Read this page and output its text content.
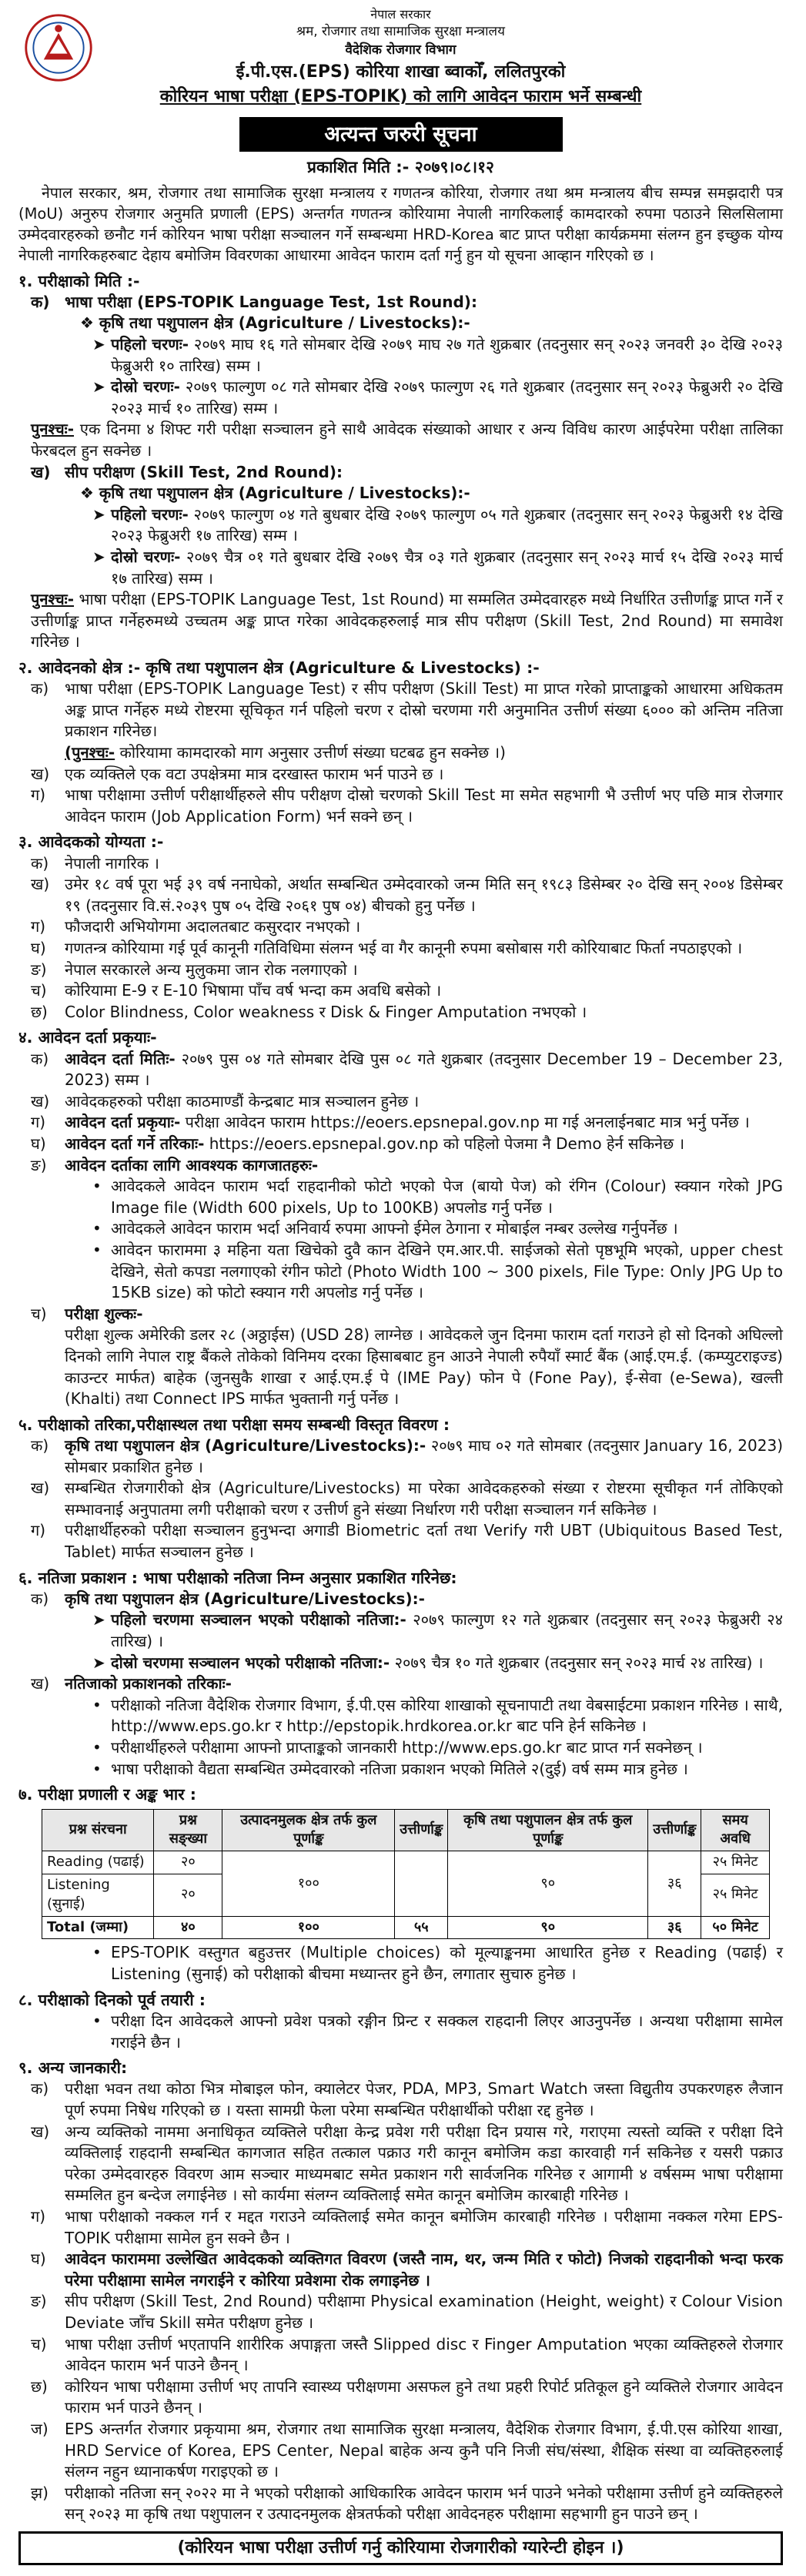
नेपाल सरकार
श्रम, रोजगार तथा सामाजिक सुरक्षा मन्त्रालय
वैदेशिक रोजगार विभाग
ई.पी.एस.(EPS) कोरिया शाखा ब्वाकोँ, ललितपुरको
कोरियन भाषा परीक्षा (EPS-TOPIK) को लागि आवेदन फाराम भर्ने सम्बन्धी
अत्यन्त जरुरी सूचना
प्रकाशित मिति :- २०७९।०८।१२

नेपाल सरकार, श्रम, रोजगार तथा सामाजिक सुरक्षा मन्त्रालय र गणतन्त्र कोरिया, रोजगार तथा श्रम मन्त्रालय बीच सम्पन्न समझदारी पत्र (MoU) अनुरुप रोजगार अनुमति प्रणाली (EPS) अन्तर्गत गणतन्त्र कोरियामा नेपाली नागरिकलाई कामदारको रुपमा पठाउने सिलसिलामा उम्मेदवारहरुको छनौट गर्न कोरियन भाषा परीक्षा सञ्चालन गर्ने सम्बन्धमा HRD-Korea बाट प्राप्त परीक्षा कार्यक्रममा संलग्न हुन इच्छुक योग्य नेपाली नागरिकहरुबाट देहाय बमोजिम विवरणका आधारमा आवेदन फाराम दर्ता गर्नु हुन यो सूचना आव्हान गरिएको छ ।

१. परीक्षाको मिति :-
क) भाषा परीक्षा (EPS-TOPIK Language Test, 1st Round):
❖ कृषि तथा पशुपालन क्षेत्र (Agriculture / Livestocks):-
➤ पहिलो चरणः- २०७९ माघ १६ गते सोमबार देखि २०७९ माघ २७ गते शुक्रबार (तदनुसार सन् २०२३ जनवरी ३० देखि २०२३ फेब्रुअरी १० तारिख) सम्म ।
➤ दोस्रो चरणः- २०७९ फाल्गुण ०८ गते सोमबार देखि २०७९ फाल्गुण २६ गते शुक्रबार (तदनुसार सन् २०२३ फेब्रुअरी २० देखि २०२३ मार्च १० तारिख) सम्म ।

पुनश्चः- एक दिनमा ४ शिफ्ट गरी परीक्षा सञ्चालन हुने साथै आवेदक संख्याको आधार र अन्य विविध कारण आईपरेमा परीक्षा तालिका फेरबदल हुन सक्नेछ ।

ख) सीप परीक्षण (Skill Test, 2nd Round):
❖ कृषि तथा पशुपालन क्षेत्र (Agriculture / Livestocks):-
➤ पहिलो चरणः- २०७९ फाल्गुण ०४ गते बुधबार देखि २०७९ फाल्गुण ०५ गते शुक्रबार (तदनुसार सन् २०२३ फेब्रुअरी १४ देखि २०२३ फेब्रुअरी १७ तारिख) सम्म ।
➤ दोस्रो चरणः- २०७९ चैत्र ०१ गते बुधबार देखि २०७९ चैत्र ०३ गते शुक्रबार (तदनुसार सन् २०२३ मार्च १५ देखि २०२३ मार्च १७ तारिख) सम्म ।

पुनश्चः- भाषा परीक्षा (EPS-TOPIK Language Test, 1st Round) मा सम्मलित उम्मेदवारहरु मध्ये निर्धारित उत्तीर्णाङ्क प्राप्त गर्ने र उत्तीर्णाङ्क प्राप्त गर्नेहरुमध्ये उच्चतम अङ्क प्राप्त गरेका आवेदकहरुलाई मात्र सीप परीक्षण (Skill Test, 2nd Round) मा समावेश गरिनेछ ।

२. आवेदनको क्षेत्र :- कृषि तथा पशुपालन क्षेत्र (Agriculture & Livestocks) :-
क)	भाषा परीक्षा (EPS-TOPIK Language Test) र सीप परीक्षण (Skill Test) मा प्राप्त गरेको प्राप्ताङ्कको आधारमा अधिकतम अङ्क प्राप्त गर्नेहरु मध्ये रोष्टरमा सूचिकृत गर्न पहिलो चरण र दोस्रो चरणमा गरी अनुमानित उत्तीर्ण संख्या ६००० को अन्तिम नतिजा प्रकाशन गरिनेछ।
(पुनश्चः- कोरियामा कामदारको माग अनुसार उत्तीर्ण संख्या घटबढ हुन सक्नेछ ।)
ख) एक व्यक्तिले एक वटा उपक्षेत्रमा मात्र दरखास्त फाराम भर्न पाउने छ ।
ग)	भाषा परीक्षामा उत्तीर्ण परीक्षार्थीहरुले सीप परीक्षण दोस्रो चरणको Skill Test मा समेत सहभागी भै उत्तीर्ण भए पछि मात्र रोजगार आवेदन फाराम (Job Application Form) भर्न सक्ने छन् ।
३. आवेदकको योग्यता :-
क)	नेपाली नागरिक ।
ख) उमेर १८ वर्ष पूरा भई ३९ वर्ष ननाघेको, अर्थात सम्बन्धित उम्मेदवारको जन्म मिति सन् १९८३ डिसेम्बर २० देखि सन् २००४ डिसेम्बर १९ (तदनुसार वि.सं.२०३९ पुष ०५ देखि २०६१ पुष ०४) बीचको हुनु पर्नेछ ।
ग)	फौजदारी अभियोगमा अदालतबाट कसुरदार नभएको ।
घ)	गणतन्त्र कोरियामा गई पूर्व कानूनी गतिविधिमा संलग्न भई वा गैर कानूनी रुपमा बसोबास गरी कोरियाबाट फिर्ता नपठाइएको ।
ङ)	नेपाल सरकारले अन्य मुलुकमा जान रोक नलगाएको ।
च)	कोरियामा E-9 र E-10 भिषामा पाँच वर्ष भन्दा कम अवधि बसेको ।
छ)	Color Blindness, Color weakness र Disk & Finger Amputation नभएको ।
४. आवेदन दर्ता प्रकृयाः-
क)	आवेदन दर्ता मितिः- २०७९ पुस ०४ गते सोमबार देखि पुस ०८ गते शुक्रबार (तदनुसार December 19 – December 23, 2023) सम्म ।
ख) आवेदकहरुको परीक्षा काठमाण्डौं केन्द्रबाट मात्र सञ्चालन हुनेछ ।
ग)	आवेदन दर्ता प्रकृयाः- परीक्षा आवेदन फाराम https://eoers.epsnepal.gov.np मा गई अनलाईनबाट मात्र भर्नु पर्नेछ ।
घ)	आवेदन दर्ता गर्ने तरिकाः- https://eoers.epsnepal.gov.np को पहिलो पेजमा नै Demo हेर्न सकिनेछ ।
ङ)	आवेदन दर्ताका लागि आवश्यक कागजातहरुः-
• आवेदकले आवेदन फाराम भर्दा राहदानीको फोटो भएको पेज (बायो पेज) को रंगिन (Colour) स्क्यान गरेको JPG Image file (Width 600 pixels, Up to 100KB) अपलोड गर्नु पर्नेछ ।
• आवेदकले आवेदन फाराम भर्दा अनिवार्य रुपमा आफ्नो ईमेल ठेगाना र मोबाईल नम्बर उल्लेख गर्नुपर्नेछ ।
• आवेदन फाराममा ३ महिना यता खिचेको दुवै कान देखिने एम.आर.पी. साईजको सेतो पृष्ठभूमि भएको, upper chest देखिने, सेतो कपडा नलगाएको रंगीन फोटो (Photo Width 100 ~ 300 pixels, File Type: Only JPG Up to 15KB size) को फोटो स्क्यान गरी अपलोड गर्नु पर्नेछ ।
च)	परीक्षा शुल्कः-
परीक्षा शुल्क अमेरिकी डलर २८ (अठ्ठाईस) (USD 28) लाग्नेछ । आवेदकले जुन दिनमा फाराम दर्ता गराउने हो सो दिनको अघिल्लो दिनको लागि नेपाल राष्ट्र बैंकले तोकेको विनिमय दरका हिसाबबाट हुन आउने नेपाली रुपैयाँ स्मार्ट बैंक (आई.एम.ई. (कम्प्युटराइज्ड) काउन्टर मार्फत) बाहेक (जुनसुकै शाखा र आई.एम.ई पे (IME Pay) फोन पे (Fone Pay), ई-सेवा (e-Sewa), खल्ती (Khalti) तथा Connect IPS मार्फत भुक्तानी गर्नु पर्नेछ ।
५. परीक्षाको तरिका,परीक्षास्थल तथा परीक्षा समय सम्बन्धी विस्तृत विवरण :
क)	कृषि तथा पशुपालन क्षेत्र (Agriculture/Livestocks):- २०७९ माघ ०२ गते सोमबार (तदनुसार January 16, 2023) सोमबार प्रकाशित हुनेछ ।
ख) सम्बन्धित रोजगारीको क्षेत्र (Agriculture/Livestocks) मा परेका आवेदकहरुको संख्या र रोष्टरमा सूचीकृत गर्न तोकिएको सम्भावनाई अनुपातमा लगी परीक्षाको चरण र उत्तीर्ण हुने संख्या निर्धारण गरी परीक्षा सञ्चालन गर्न सकिनेछ ।
ग)	परीक्षार्थीहरुको परीक्षा सञ्चालन हुनुभन्दा अगाडी Biometric दर्ता तथा Verify गरी UBT (Ubiquitous Based Test, Tablet) मार्फत सञ्चालन हुनेछ ।
६. नतिजा प्रकाशन : भाषा परीक्षाको नतिजा निम्न अनुसार प्रकाशित गरिनेछ:
क)	कृषि तथा पशुपालन क्षेत्र (Agriculture/Livestocks):-
➤ पहिलो चरणमा सञ्चालन भएको परीक्षाको नतिजा:- २०७९ फाल्गुण १२ गते शुक्रबार (तदनुसार सन् २०२३ फेब्रुअरी २४ तारिख) ।
➤ दोस्रो चरणमा सञ्चालन भएको परीक्षाको नतिजा:- २०७९ चैत्र १० गते शुक्रबार (तदनुसार सन् २०२३ मार्च २४ तारिख) ।
ख) नतिजाको प्रकाशनको तरिकाः-
• परीक्षाको नतिजा वैदेशिक रोजगार विभाग, ई.पी.एस कोरिया शाखाको सूचनापाटी तथा वेबसाईटमा प्रकाशन गरिनेछ । साथै, http://www.eps.go.kr र http://epstopik.hrdkorea.or.kr बाट पनि हेर्न सकिनेछ ।
• परीक्षार्थीहरुले परीक्षामा आफ्नो प्राप्ताङ्कको जानकारी http://www.eps.go.kr बाट प्राप्त गर्न सक्नेछन् ।
• भाषा परीक्षाको वैद्यता सम्बन्धित उम्मेदवारको नतिजा प्रकाशन भएको मितिले २(दुई) वर्ष सम्म मात्र हुनेछ ।
७. परीक्षा प्रणाली र अङ्क भार :
प्रश्न संरचना	प्रश्न सङ्ख्या	उत्पादनमुलक क्षेत्र तर्फ कुल पूर्णाङ्क	उत्तीर्णाङ्क	कृषि तथा पशुपालन क्षेत्र तर्फ कुल पूर्णाङ्क	उत्तीर्णाङ्क	समय अवधि
Reading (पढाई)	२०	१००		९०	३६	२५ मिनेट
Listening (सुनाई)	२०					२५ मिनेट
Total (जम्मा)	४०	१००	५५	९०	३६	५० मिनेट
• EPS-TOPIK वस्तुगत बहुउत्तर (Multiple choices) को मूल्याङ्कनमा आधारित हुनेछ र Reading (पढाई) र Listening (सुनाई) को परीक्षाको बीचमा मध्यान्तर हुने छैन, लगातार सुचारु हुनेछ ।
८. परीक्षाको दिनको पूर्व तयारी :
• परीक्षा दिन आवेदकले आफ्नो प्रवेश पत्रको रङ्गीन प्रिन्ट र सक्कल राहदानी लिएर आउनुपर्नेछ । अन्यथा परीक्षामा सामेल गराईने छैन ।
९. अन्य जानकारी:
क)	परीक्षा भवन तथा कोठा भित्र मोबाइल फोन, क्यालेटर पेजर, PDA, MP3, Smart Watch जस्ता विद्युतीय उपकरणहरु लैजान पूर्ण रुपमा निषेध गरिएको छ । यस्ता सामग्री फेला परेमा सम्बन्धित परीक्षार्थीको परीक्षा रद्द हुनेछ ।
ख) अन्य व्यक्तिको नाममा अनाधिकृत व्यक्तिले परीक्षा केन्द्र प्रवेश गरी परीक्षा दिन प्रयास गरे, गराएमा त्यस्तो व्यक्ति र परीक्षा दिने व्यक्तिलाई राहदानी सम्बन्धित कागजात सहित तत्काल पक्राउ गरी कानून बमोजिम कडा कारवाही गर्न सकिनेछ र यसरी पक्राउ परेका उम्मेदवारहरु विवरण आम सञ्चार माध्यमबाट समेत प्रकाशन गरी सार्वजनिक गरिनेछ र आगामी ४ वर्षसम्म भाषा परीक्षामा सम्मलित हुन बन्देज लगाईनेछ । सो कार्यमा संलग्न व्यक्तिलाई समेत कानून बमोजिम कारबाही गरिनेछ ।
ग)	भाषा परीक्षाको नक्कल गर्न र मद्दत गराउने व्यक्तिलाई समेत कानून बमोजिम कारबाही गरिनेछ । परीक्षामा नक्कल गरेमा EPS-TOPIK परीक्षामा सामेल हुन सक्ने छैन ।
घ)	आवेदन फाराममा उल्लेखित आवेदकको व्यक्तिगत विवरण (जस्तै नाम, थर, जन्म मिति र फोटो) निजको राहदानीको भन्दा फरक परेमा परीक्षामा सामेल नगराईने र कोरिया प्रवेशमा रोक लगाइनेछ ।
ङ)	सीप परीक्षण (Skill Test, 2nd Round) परीक्षामा Physical examination (Height, weight) र Colour Vision Deviate जाँच Skill समेत परीक्षण हुनेछ ।
च)	भाषा परीक्षा उत्तीर्ण भएतापनि शारीरिक अपाङ्गता जस्तै Slipped disc र Finger Amputation भएका व्यक्तिहरुले रोजगार आवेदन फाराम भर्न पाउने छैनन् ।
छ)	कोरियन भाषा परीक्षामा उत्तीर्ण भए तापनि स्वास्थ्य परीक्षणमा असफल हुने तथा प्रहरी रिपोर्ट प्रतिकूल हुने व्यक्तिले रोजगार आवेदन फाराम भर्न पाउने छैनन् ।
ज)	EPS अन्तर्गत रोजगार प्रकृयामा श्रम, रोजगार तथा सामाजिक सुरक्षा मन्त्रालय, वैदेशिक रोजगार विभाग, ई.पी.एस कोरिया शाखा, HRD Service of Korea, EPS Center, Nepal बाहेक अन्य कुनै पनि निजी संघ/संस्था, शैक्षिक संस्था वा व्यक्तिहरुलाई संलग्न नहुन ध्यानाकर्षण गराइएको छ ।
झ)	परीक्षाको नतिजा सन् २०२२ मा ने भएको परीक्षाको आधिकारिक आवेदन फाराम भर्न पाउने भनेको परीक्षामा उत्तीर्ण हुने व्यक्तिहरुले सन् २०२३ मा कृषि तथा पशुपालन र उत्पादनमुलक क्षेत्रतर्फको परीक्षा आवेदनहरु परीक्षामा सहभागी हुन पाउने छन् ।
(कोरियन भाषा परीक्षा उत्तीर्ण गर्नु कोरियामा रोजगारीको ग्यारेन्टी होइन ।)
